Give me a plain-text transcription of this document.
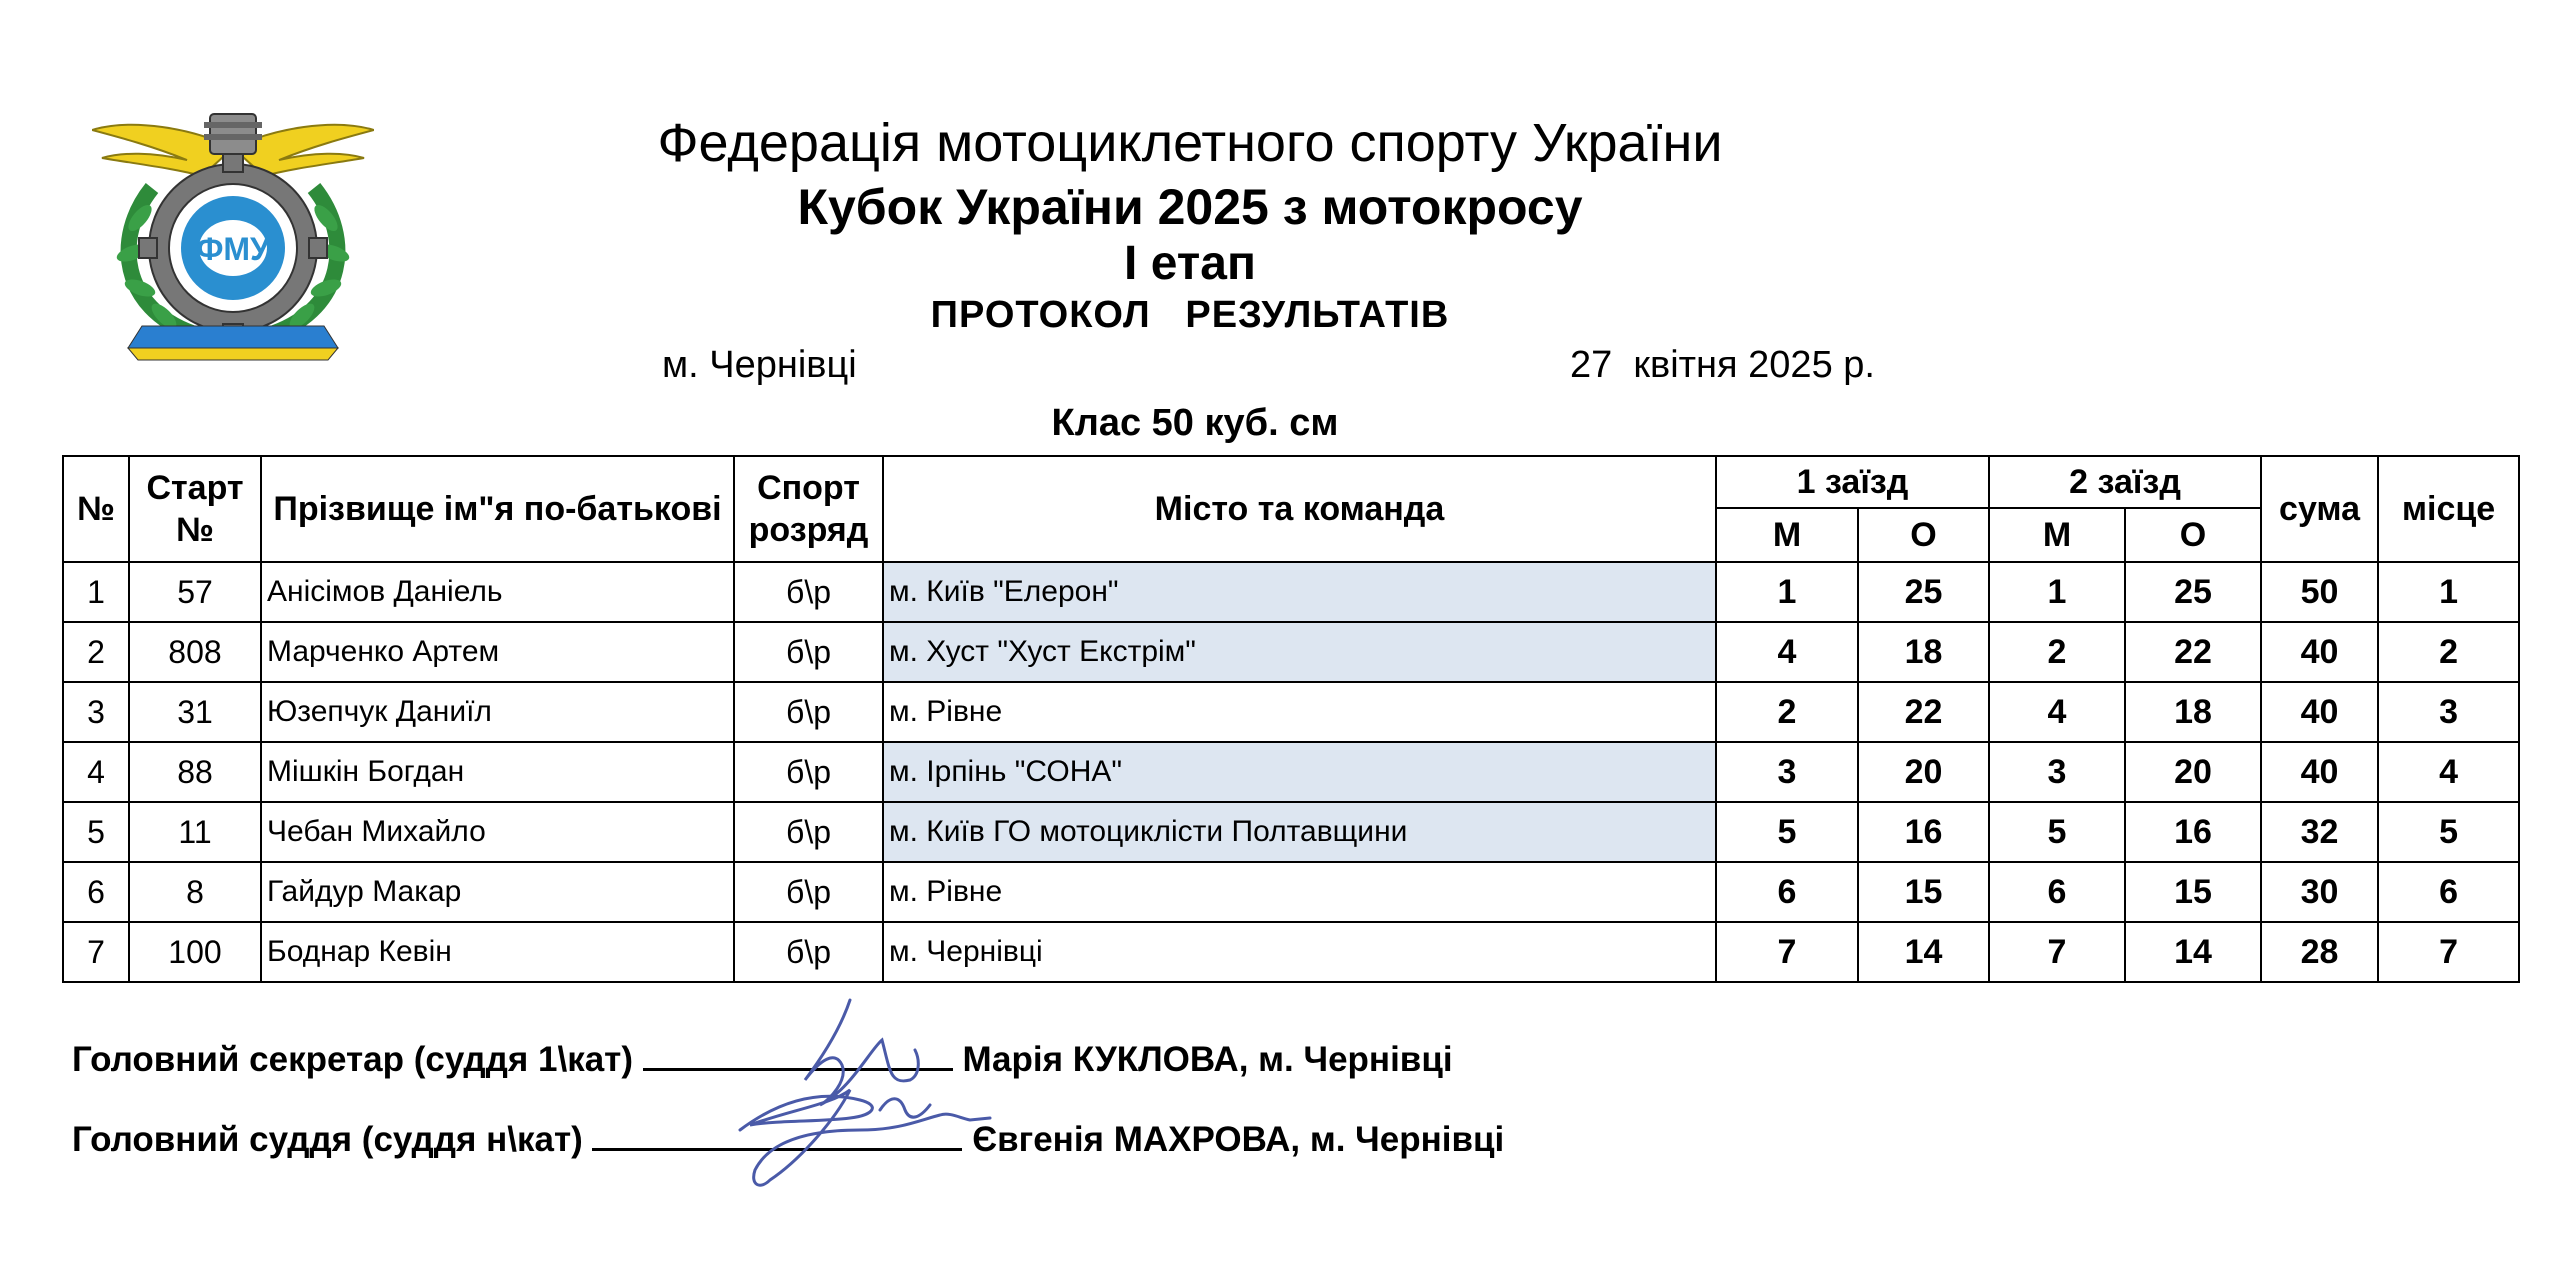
ФМУ
Федерація мотоциклетного спорту України
Кубок України 2025 з мотокросу
І етап
ПРОТОКОЛ   РЕЗУЛЬТАТІВ
м. Чернівці	27  квітня 2025 р.
Клас 50 куб. см
№	Старт №	Прізвище ім"я по-батькові	Спорт розряд	Місто та команда	1 заїзд		2 заїзд		сума	місце
					М	О	М	О		
1	57	Анісімов Даніель	б\р	м. Київ "Елерон"	1	25	1	25	50	1
2	808	Марченко Артем	б\р	м. Хуст "Хуст Екстрім"	4	18	2	22	40	2
3	31	Юзепчук Даниїл	б\р	м. Рівне	2	22	4	18	40	3
4	88	Мішкін Богдан	б\р	м. Ірпінь "СОНА"	3	20	3	20	40	4
5	11	Чебан Михайло	б\р	м. Київ ГО мотоциклісти Полтавщини	5	16	5	16	32	5
6	8	Гайдур Макар	б\р	м. Рівне	6	15	6	15	30	6
7	100	Боднар Кевін	б\р	м. Чернівці	7	14	7	14	28	7
Головний секретар (суддя 1\кат)	Марія КУКЛОВА, м. Чернівці
Головний суддя (суддя н\кат)	Євгенія МАХРОВА, м. Чернівці
